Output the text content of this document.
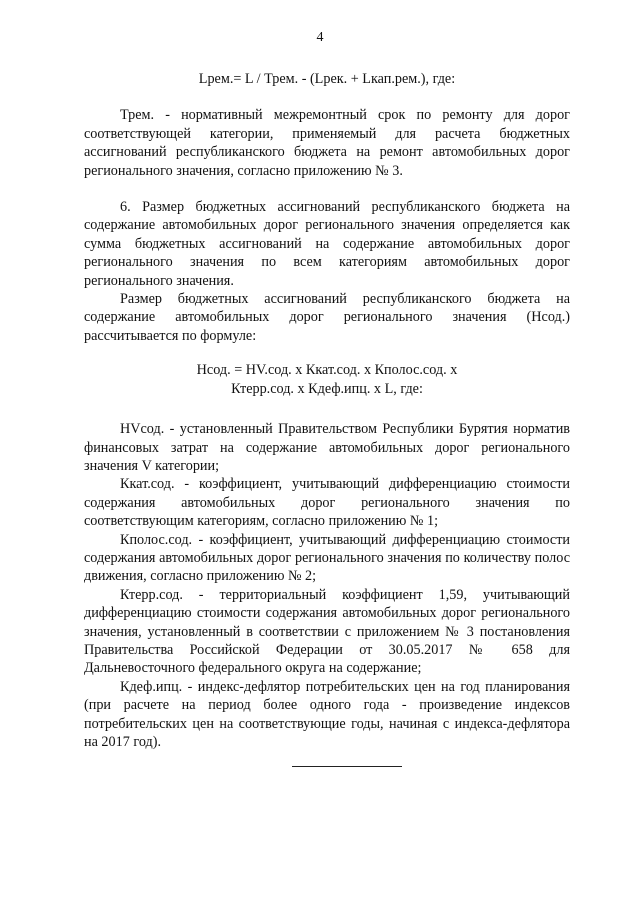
4

Lрем.= L / Трем. - (Lрек. + Lкап.рем.), где:

Трем. - нормативный межремонтный срок по ремонту для дорог соответствующей категории, применяемый для расчета бюджетных ассигнований республиканского бюджета на ремонт автомобильных дорог регионального значения, согласно приложению № 3.

6. Размер бюджетных ассигнований республиканского бюджета на содержание автомобильных дорог регионального значения определяется как сумма бюджетных ассигнований на содержание автомобильных дорог регионального значения по всем категориям автомобильных дорог регионального значения.

Размер бюджетных ассигнований республиканского бюджета на содержание автомобильных дорог регионального значения (Нсод.) рассчитывается по формуле:

Нсод. = НV.сод. х Ккат.сод. х Кполос.сод. х
Ктерр.сод. х Кдеф.ипц. х L, где:

НVсод. - установленный Правительством Республики Бурятия норматив финансовых затрат на содержание автомобильных дорог регионального значения V категории;

Ккат.сод. - коэффициент, учитывающий дифференциацию стоимости содержания автомобильных дорог регионального значения по соответствующим категориям, согласно приложению № 1;

Кполос.сод. - коэффициент, учитывающий дифференциацию стоимости содержания автомобильных дорог регионального значения по количеству полос движения, согласно приложению № 2;

Ктерр.сод. - территориальный коэффициент 1,59, учитывающий дифференциацию стоимости содержания автомобильных дорог регионального значения, установленный в соответствии с приложением № 3 постановления Правительства Российской Федерации от 30.05.2017 № 658 для Дальневосточного федерального округа на содержание;

Кдеф.ипц. - индекс-дефлятор потребительских цен на год планирования (при расчете на период более одного года - произведение индексов потребительских цен на соответствующие годы, начиная с индекса-дефлятора на 2017 год).
